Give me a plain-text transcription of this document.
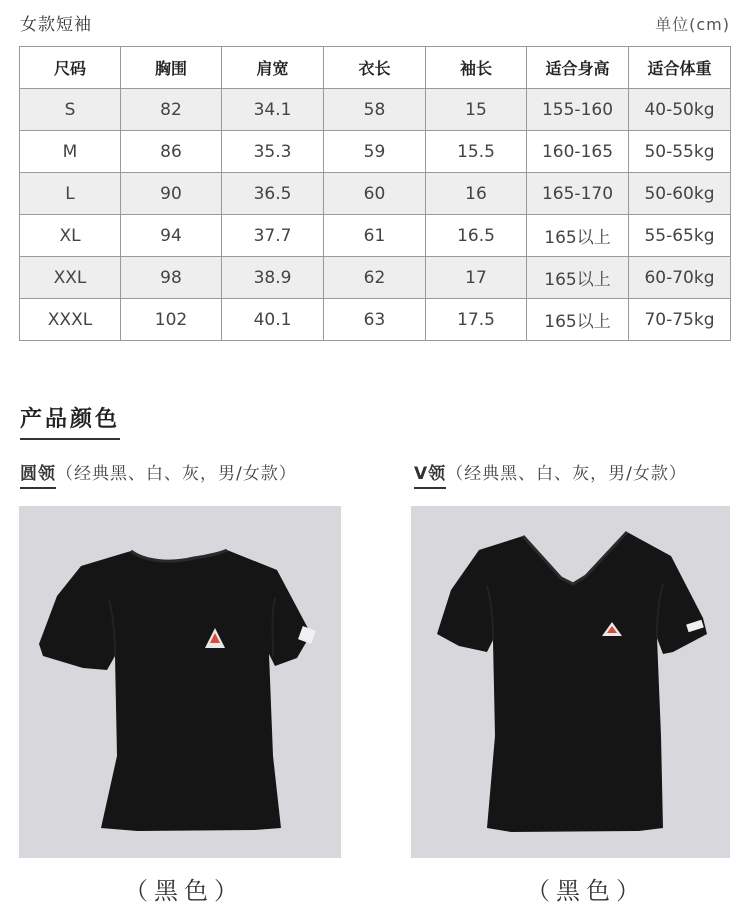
女款短袖	单位(cm)
尺码	胸围	肩宽	衣长	袖长	适合身高	适合体重
S	82	34.1	58	15	155-160	40-50kg
M	86	35.3	59	15.5	160-165	50-55kg
L	90	36.5	60	16	165-170	50-60kg
XL	94	37.7	61	16.5	165以上	55-65kg
XXL	98	38.9	62	17	165以上	60-70kg
XXXL	102	40.1	63	17.5	165以上	70-75kg
产品颜色
圆领（经典黑、白、灰，男/女款）	V领（经典黑、白、灰，男/女款）
（黑色）	（黑色）
